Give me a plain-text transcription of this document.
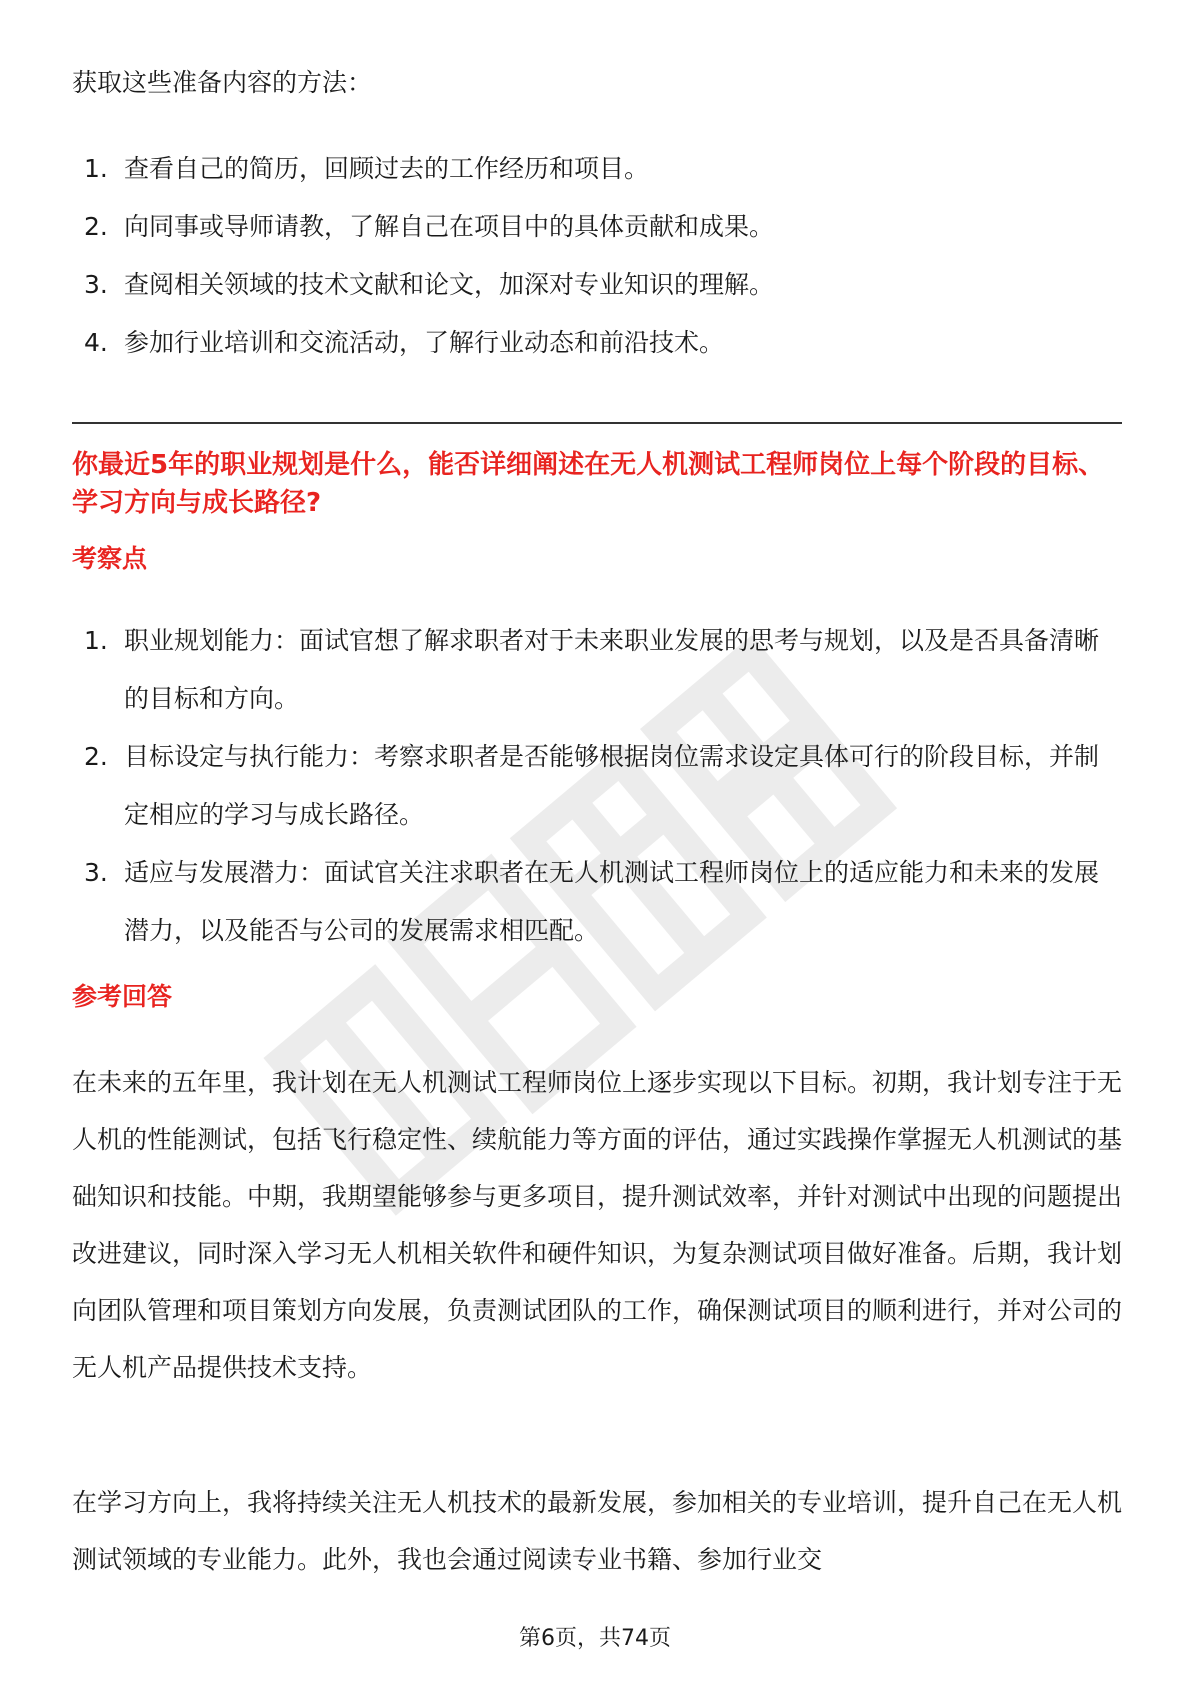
获取这些准备内容的方法：
1. 查看自己的简历，回顾过去的工作经历和项目。
2. 向同事或导师请教，了解自己在项目中的具体贡献和成果。
3. 查阅相关领域的技术文献和论文，加深对专业知识的理解。
4. 参加行业培训和交流活动，了解行业动态和前沿技术。
你最近5年的职业规划是什么，能否详细阐述在无人机测试工程师岗位上每个阶段的目标、学习方向与成长路径?
考察点
1. 职业规划能力：面试官想了解求职者对于未来职业发展的思考与规划，以及是否具备清晰的目标和方向。
2. 目标设定与执行能力：考察求职者是否能够根据岗位需求设定具体可行的阶段目标，并制定相应的学习与成长路径。
3. 适应与发展潜力：面试官关注求职者在无人机测试工程师岗位上的适应能力和未来的发展潜力，以及能否与公司的发展需求相匹配。
参考回答
在未来的五年里，我计划在无人机测试工程师岗位上逐步实现以下目标。初期，我计划专注于无人机的性能测试，包括飞行稳定性、续航能力等方面的评估，通过实践操作掌握无人机测试的基础知识和技能。中期，我期望能够参与更多项目，提升测试效率，并针对测试中出现的问题提出改进建议，同时深入学习无人机相关软件和硬件知识，为复杂测试项目做好准备。后期，我计划向团队管理和项目策划方向发展，负责测试团队的工作，确保测试项目的顺利进行，并对公司的无人机产品提供技术支持。
在学习方向上，我将持续关注无人机技术的最新发展，参加相关的专业培训，提升自己在无人机测试领域的专业能力。此外，我也会通过阅读专业书籍、参加行业交
第6页，共74页
